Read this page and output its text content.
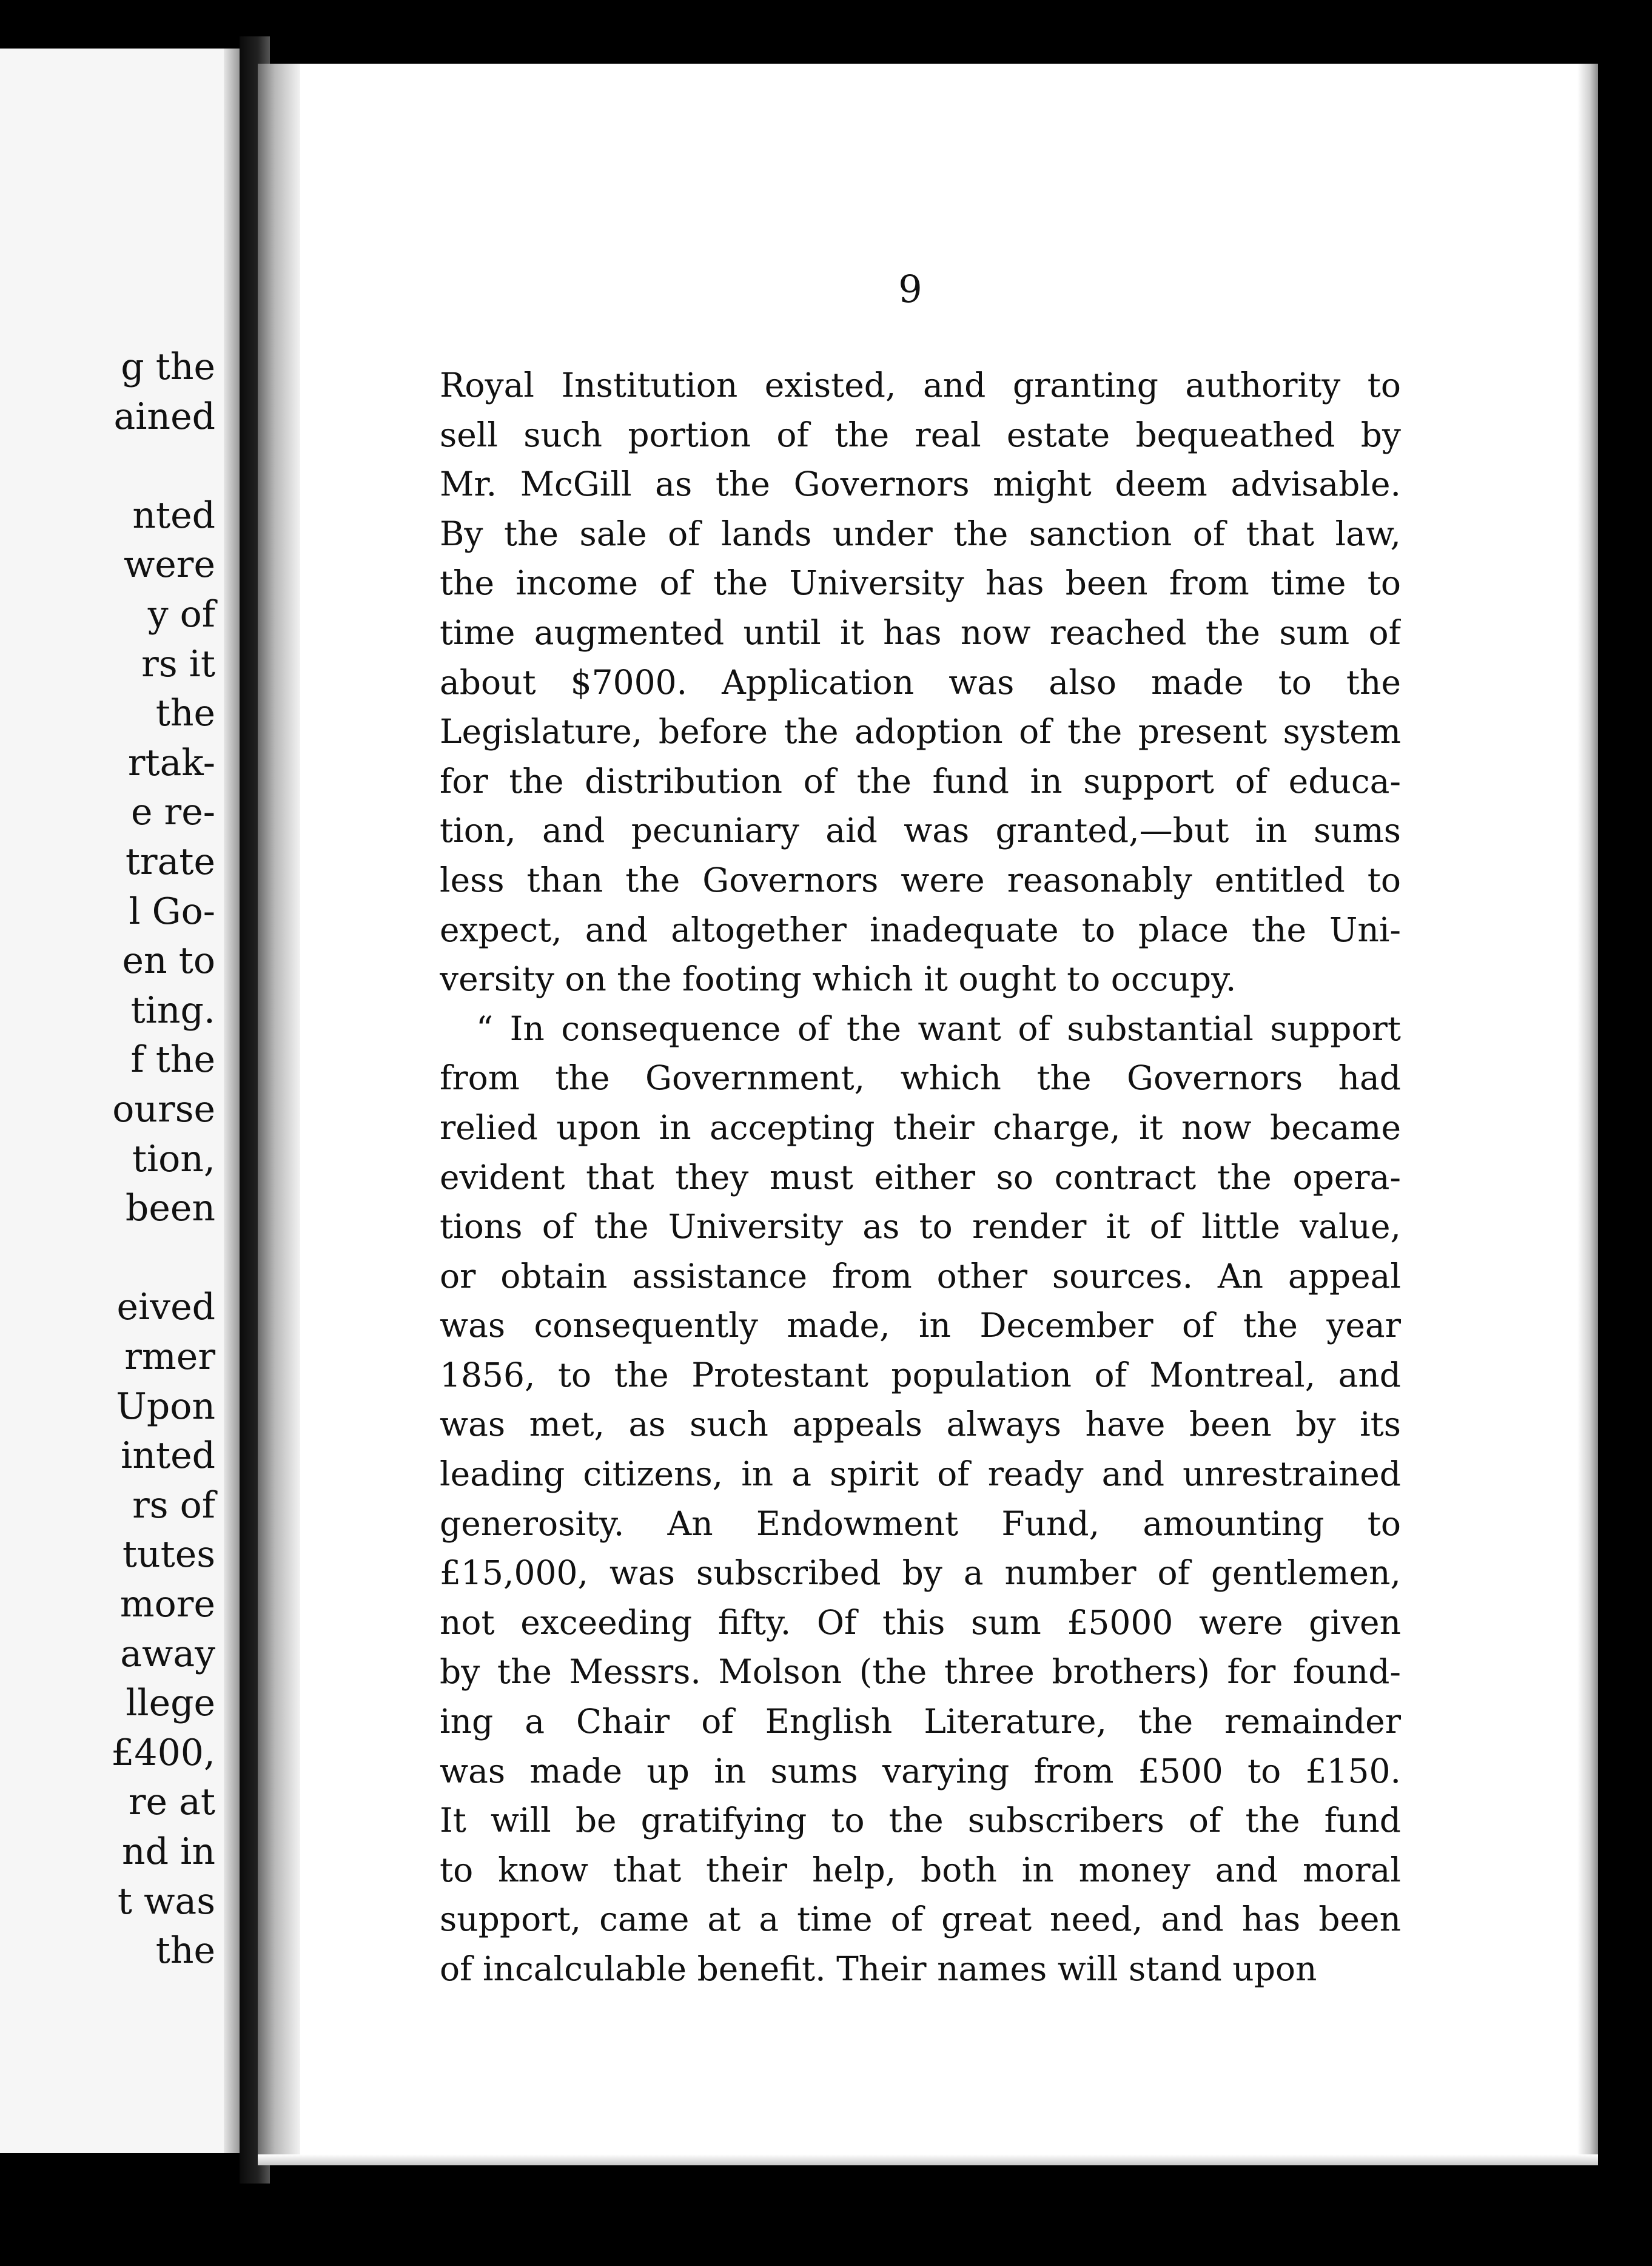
g the
ained
nted
were
y of
rs it
the
rtak-
e re-
trate
l Go-
en to
ting.
f the
ourse
tion,
been
eived
rmer
Upon
inted
rs of
tutes
more
away
llege
£400,
re at
nd in
t was
the
9
Royal Institution existed, and granting authority to
sell such portion of the real estate bequeathed by
Mr. McGill as the Governors might deem advisable.
By the sale of lands under the sanction of that law,
the income of the University has been from time to
time augmented until it has now reached the sum of
about $7000. Application was also made to the
Legislature, before the adoption of the present system
for the distribution of the fund in support of educa-
tion, and pecuniary aid was granted,—but in sums
less than the Governors were reasonably entitled to
expect, and altogether inadequate to place the Uni-
versity on the footing which it ought to occupy.
“ In consequence of the want of substantial support
from the Government, which the Governors had
relied upon in accepting their charge, it now became
evident that they must either so contract the opera-
tions of the University as to render it of little value,
or obtain assistance from other sources. An appeal
was consequently made, in December of the year
1856, to the Protestant population of Montreal, and
was met, as such appeals always have been by its
leading citizens, in a spirit of ready and unrestrained
generosity. An Endowment Fund, amounting to
£15,000, was subscribed by a number of gentlemen,
not exceeding fifty. Of this sum £5000 were given
by the Messrs. Molson (the three brothers) for found-
ing a Chair of English Literature, the remainder
was made up in sums varying from £500 to £150.
It will be gratifying to the subscribers of the fund
to know that their help, both in money and moral
support, came at a time of great need, and has been
of incalculable benefit. Their names will stand upon
